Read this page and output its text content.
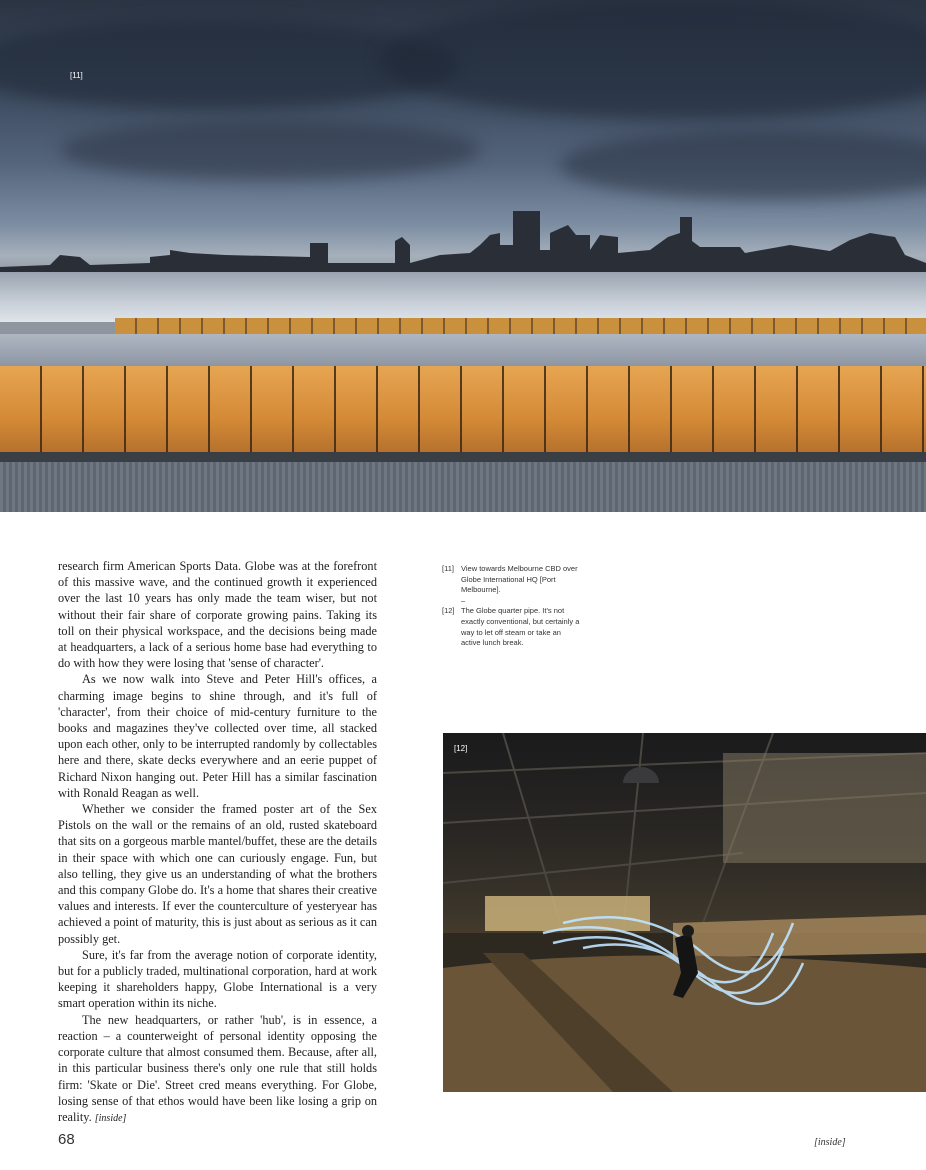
[11]

research firm American Sports Data. Globe was at the forefront of this massive wave, and the continued growth it experienced over the last 10 years has only made the team wiser, but not without their fair share of corporate growing pains. Taking its toll on their physical workspace, and the decisions being made at headquarters, a lack of a serious home base had everything to do with how they were losing that 'sense of character'.

As we now walk into Steve and Peter Hill's offices, a charming image begins to shine through, and it's full of 'character', from their choice of mid-century furniture to the books and magazines they've collected over time, all stacked upon each other, only to be interrupted randomly by collectables here and there, skate decks everywhere and an eerie puppet of Richard Nixon hanging out. Peter Hill has a similar fascination with Ronald Reagan as well.

Whether we consider the framed poster art of the Sex Pistols on the wall or the remains of an old, rusted skateboard that sits on a gorgeous marble mantel/buffet, these are the details in their space with which one can curiously engage. Fun, but also telling, they give us an understanding of what the brothers and this company Globe do. It's a home that shares their creative values and interests. If ever the counterculture of yesteryear has achieved a point of maturity, this is just about as serious as it can possibly get.

Sure, it's far from the average notion of corporate identity, but for a publicly traded, multinational corporation, hard at work keeping it shareholders happy, Globe International is a very smart operation within its niche.

The new headquarters, or rather 'hub', is in essence, a reaction – a counterweight of personal identity opposing the corporate culture that almost consumed them. Because, after all, in this particular business there's only one rule that still holds firm: 'Skate or Die'. Street cred means everything. For Globe, losing sense of that ethos would have been like losing a grip on reality. [inside]

[11] View towards Melbourne CBD over Globe International HQ [Port Melbourne].
–
[12] The Globe quarter pipe. It's not exactly conventional, but certainly a way to let off steam or take an active lunch break.
[12]
68	[inside]
